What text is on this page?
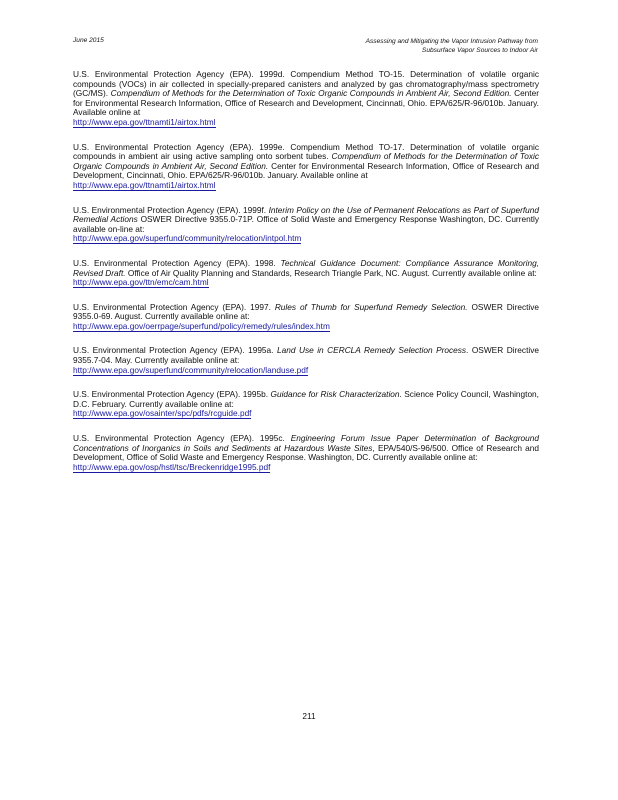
June 2015	Assessing and Mitigating the Vapor Intrusion Pathway from
Subsurface Vapor Sources to Indoor Air
U.S. Environmental Protection Agency (EPA). 1999d. Compendium Method TO-15. Determination of volatile organic compounds (VOCs) in air collected in specially-prepared canisters and analyzed by gas chromatography/mass spectrometry (GC/MS). Compendium of Methods for the Determination of Toxic Organic Compounds in Ambient Air, Second Edition. Center for Environmental Research Information, Office of Research and Development, Cincinnati, Ohio. EPA/625/R-96/010b. January. Available online at
http://www.epa.gov/ttnamti1/airtox.html
U.S. Environmental Protection Agency (EPA). 1999e. Compendium Method TO-17. Determination of volatile organic compounds in ambient air using active sampling onto sorbent tubes. Compendium of Methods for the Determination of Toxic Organic Compounds in Ambient Air, Second Edition. Center for Environmental Research Information, Office of Research and Development, Cincinnati, Ohio. EPA/625/R-96/010b. January. Available online at
http://www.epa.gov/ttnamti1/airtox.html
U.S. Environmental Protection Agency (EPA). 1999f. Interim Policy on the Use of Permanent Relocations as Part of Superfund Remedial Actions OSWER Directive 9355.0-71P. Office of Solid Waste and Emergency Response Washington, DC. Currently available on-line at:
http://www.epa.gov/superfund/community/relocation/intpol.htm
U.S. Environmental Protection Agency (EPA). 1998. Technical Guidance Document: Compliance Assurance Monitoring, Revised Draft. Office of Air Quality Planning and Standards, Research Triangle Park, NC. August. Currently available online at:
http://www.epa.gov/ttn/emc/cam.html
U.S. Environmental Protection Agency (EPA). 1997. Rules of Thumb for Superfund Remedy Selection. OSWER Directive 9355.0-69. August. Currently available online at:
http://www.epa.gov/oerrpage/superfund/policy/remedy/rules/index.htm
U.S. Environmental Protection Agency (EPA). 1995a. Land Use in CERCLA Remedy Selection Process. OSWER Directive 9355.7-04. May. Currently available online at:
http://www.epa.gov/superfund/community/relocation/landuse.pdf
U.S. Environmental Protection Agency (EPA). 1995b. Guidance for Risk Characterization. Science Policy Council, Washington, D.C. February. Currently available online at:
http://www.epa.gov/osainter/spc/pdfs/rcguide.pdf
U.S. Environmental Protection Agency (EPA). 1995c. Engineering Forum Issue Paper Determination of Background Concentrations of Inorganics in Soils and Sediments at Hazardous Waste Sites, EPA/540/S-96/500. Office of Research and Development, Office of Solid Waste and Emergency Response. Washington, DC. Currently available online at:
http://www.epa.gov/osp/hstl/tsc/Breckenridge1995.pdf
211
